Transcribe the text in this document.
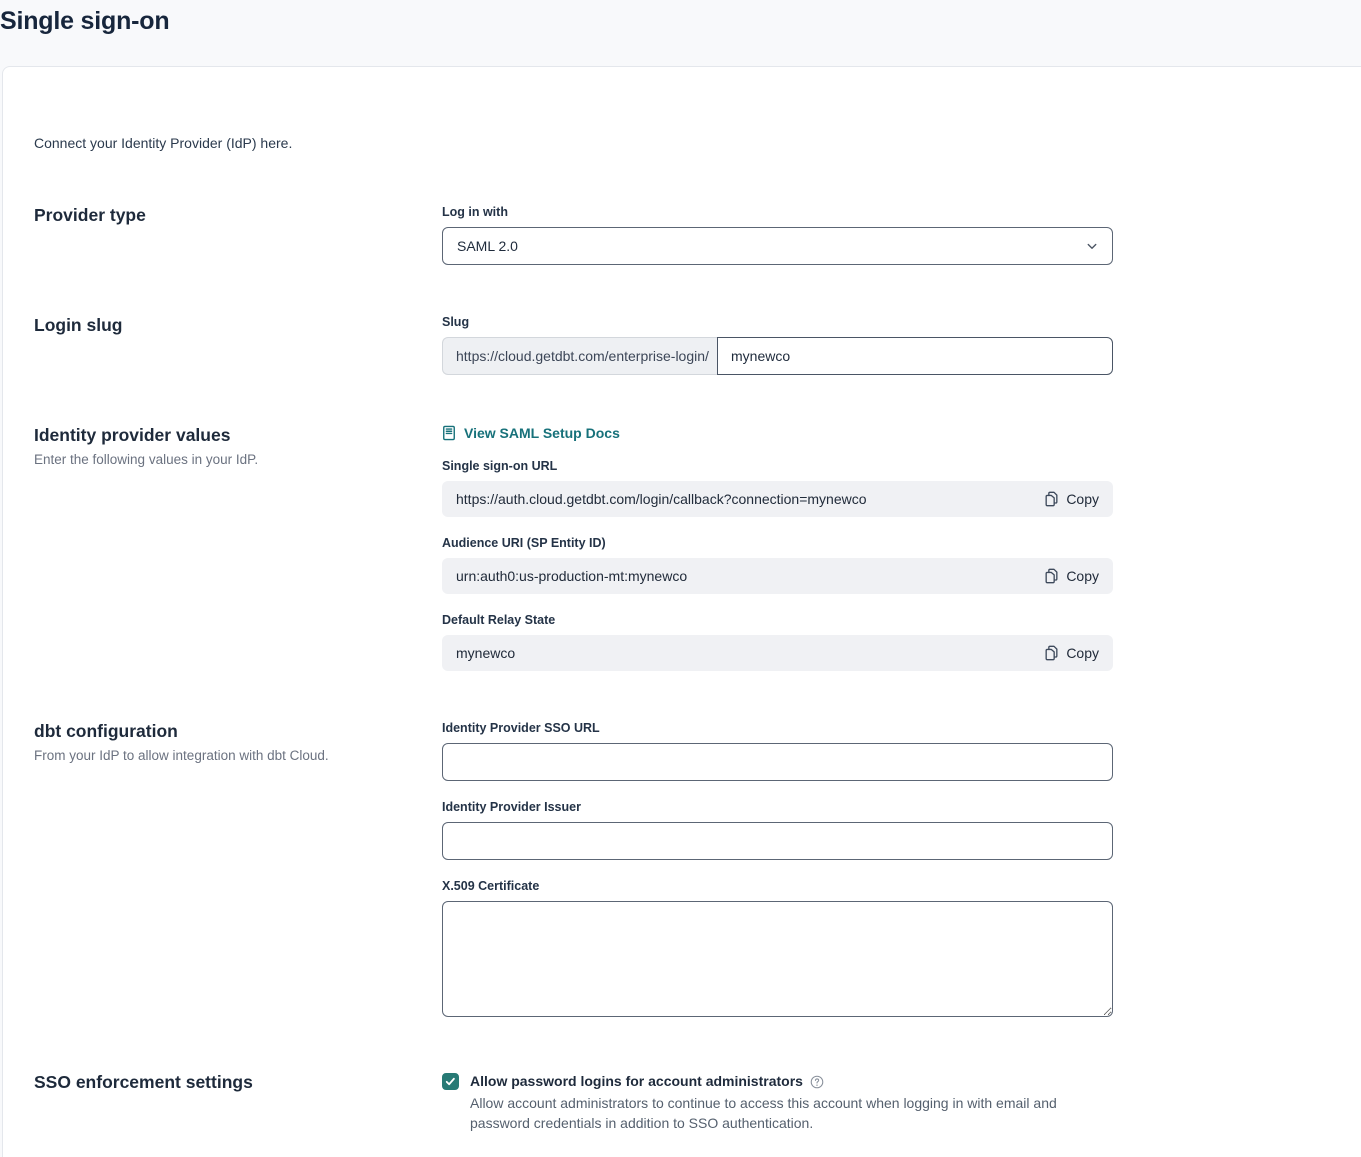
Single sign-on

Connect your Identity Provider (IdP) here.

Provider type	Log in with
SAML 2.0
Login slug	Slug
https://cloud.getdbt.com/enterprise-login/
mynewco
Identity provider values

Enter the following values in your IdP.

View SAML Setup Docs
Single sign-on URL
https://auth.cloud.getdbt.com/login/callback?connection=mynewco	Copy
Audience URI (SP Entity ID)
urn:auth0:us-production-mt:mynewco	Copy
Default Relay State
mynewco	Copy
dbt configuration

From your IdP to allow integration with dbt Cloud.

Identity Provider SSO URL
Identity Provider Issuer
X.509 Certificate
SSO enforcement settings	Allow password logins for account administrators

Allow account administrators to continue to access this account when logging in with email and password credentials in addition to SSO authentication.
